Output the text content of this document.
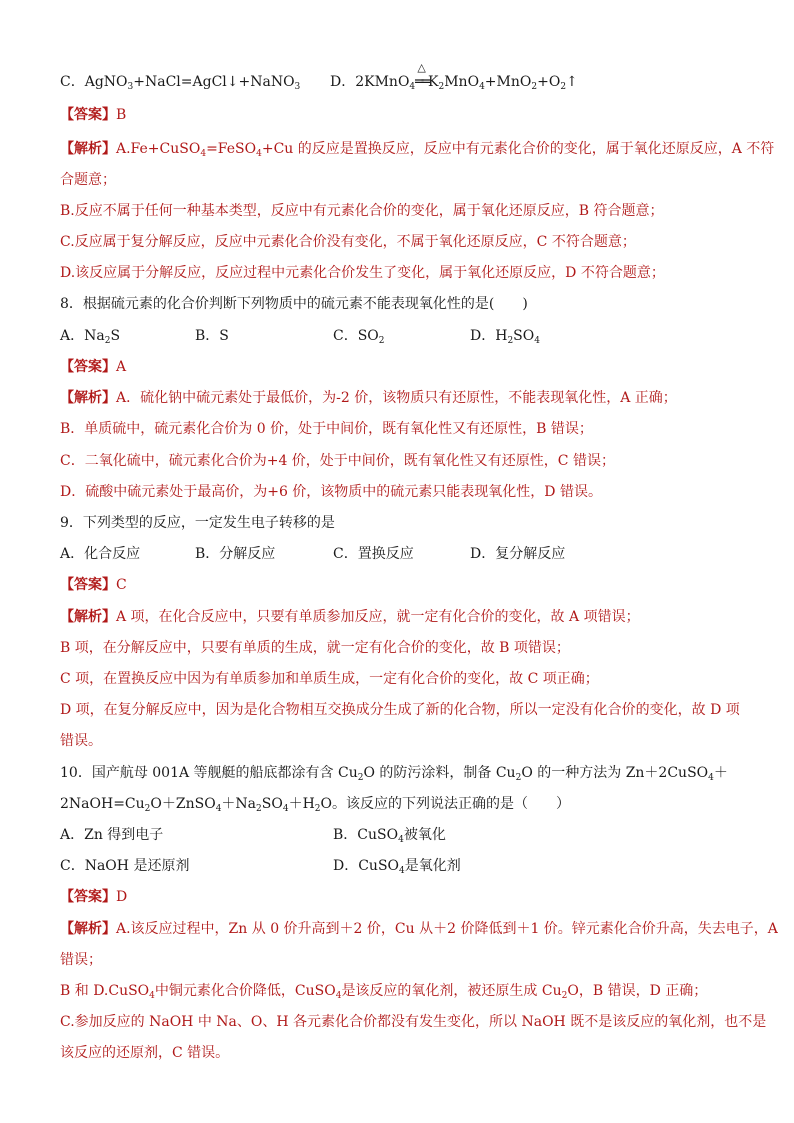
C．AgNO$_3$+NaCl=AgCl↓+NaNO$_3$ D．2KMnO$_4$
△
$══K_2MnO_4+MnO_2+O_2↑$
【答案】B
【解析】A.Fe+CuSO$_4$=FeSO$_4$+Cu 的反应是置换反应，反应中有元素化合价的变化，属于氧化还原反应，A 不符
合题意；
B.反应不属于任何一种基本类型，反应中有元素化合价的变化，属于氧化还原反应，B 符合题意；
C.反应属于复分解反应，反应中元素化合价没有变化，不属于氧化还原反应，C 不符合题意；
D.该反应属于分解反应，反应过程中元素化合价发生了变化，属于氧化还原反应，D 不符合题意；
8．根据硫元素的化合价判断下列物质中的硫元素不能表现氧化性的是(　　)
A．$Na_2S$	B．S	C．$SO_2$	D．$H_2SO_4$
【答案】A
【解析】A．硫化钠中硫元素处于最低价，为-2 价，该物质只有还原性，不能表现氧化性，A 正确；
B．单质硫中，硫元素化合价为 0 价，处于中间价，既有氧化性又有还原性，B 错误；
C．二氧化硫中，硫元素化合价为+4 价，处于中间价，既有氧化性又有还原性，C 错误；
D．硫酸中硫元素处于最高价，为+6 价，该物质中的硫元素只能表现氧化性，D 错误。
9．下列类型的反应，一定发生电子转移的是
A．化合反应	B．分解反应	C．置换反应	D．复分解反应
【答案】C
【解析】A 项，在化合反应中，只要有单质参加反应，就一定有化合价的变化，故 A 项错误；
B 项，在分解反应中，只要有单质的生成，就一定有化合价的变化，故 B 项错误；
C 项，在置换反应中因为有单质参加和单质生成，一定有化合价的变化，故 C 项正确；
D 项，在复分解反应中，因为是化合物相互交换成分生成了新的化合物，所以一定没有化合价的变化，故 D 项
错误。
10．国产航母 001A 等舰艇的船底都涂有含 $Cu_2O$ 的防污涂料，制备 $Cu_2O$ 的一种方法为 Zn＋2CuSO$_4$＋
$2NaOH=Cu_2O+ZnSO_4+Na_2SO_4+H_2O$。该反应的下列说法正确的是（　　）
A．Zn 得到电子	B．CuSO$_4$被氧化
C．NaOH 是还原剂	D．CuSO$_4$是氧化剂
【答案】D
【解析】A.该反应过程中，Zn 从 0 价升高到＋2 价，Cu 从＋2 价降低到＋1 价。锌元素化合价升高，失去电子，A
错误；
B 和 D.CuSO$_4$中铜元素化合价降低，CuSO$_4$是该反应的氧化剂，被还原生成 $Cu_2O$，B 错误，D 正确；
C.参加反应的 NaOH 中 Na、O、H 各元素化合价都没有发生变化，所以 NaOH 既不是该反应的氧化剂，也不是
该反应的还原剂，C 错误。
